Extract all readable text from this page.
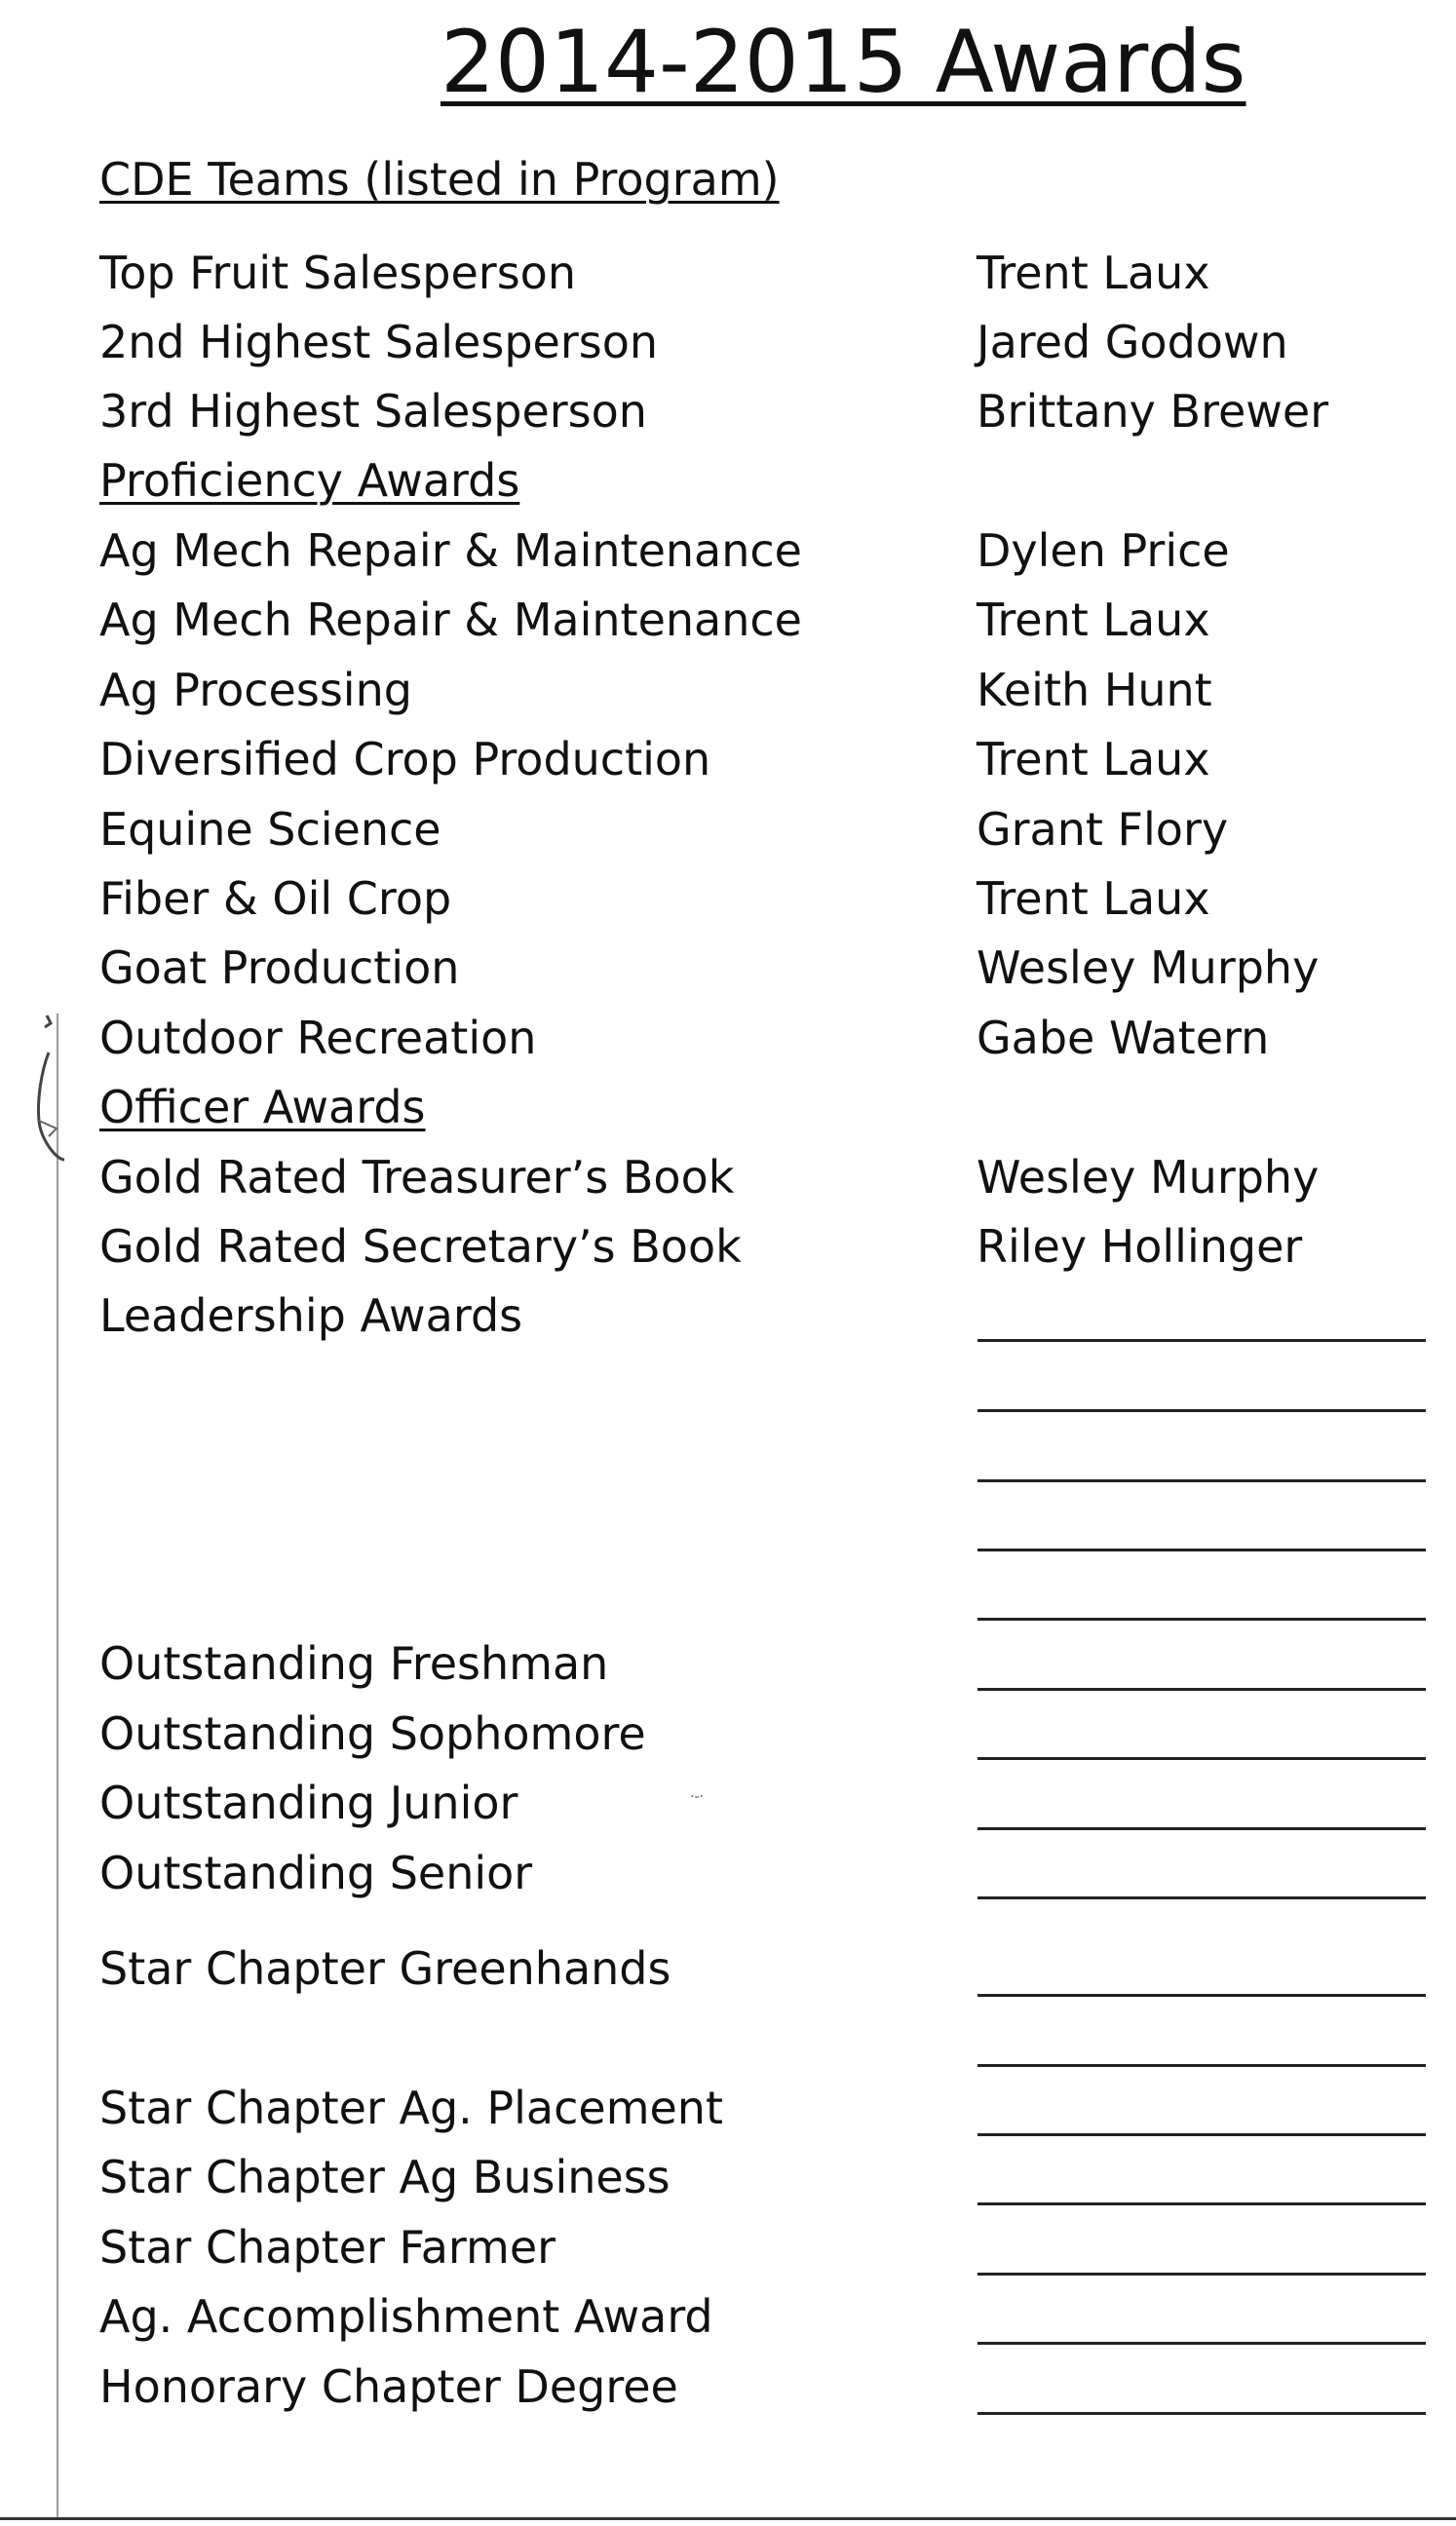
2014-2015 Awards
CDE Teams (listed in Program)
Top Fruit Salesperson	Trent Laux
2nd Highest Salesperson	Jared Godown
3rd Highest Salesperson	Brittany Brewer
Proficiency Awards
Ag Mech Repair & Maintenance	Dylen Price
Ag Mech Repair & Maintenance	Trent Laux
Ag Processing	Keith Hunt
Diversified Crop Production	Trent Laux
Equine Science	Grant Flory
Fiber & Oil Crop	Trent Laux
Goat Production	Wesley Murphy
Outdoor Recreation	Gabe Watern
Officer Awards
Gold Rated Treasurer’s Book	Wesley Murphy
Gold Rated Secretary’s Book	Riley Hollinger
Leadership Awards
Outstanding Freshman
Outstanding Sophomore
Outstanding Junior
Outstanding Senior
Star Chapter Greenhands
Star Chapter Ag. Placement
Star Chapter Ag Business
Star Chapter Farmer
Ag. Accomplishment Award
Honorary Chapter Degree
·-·
